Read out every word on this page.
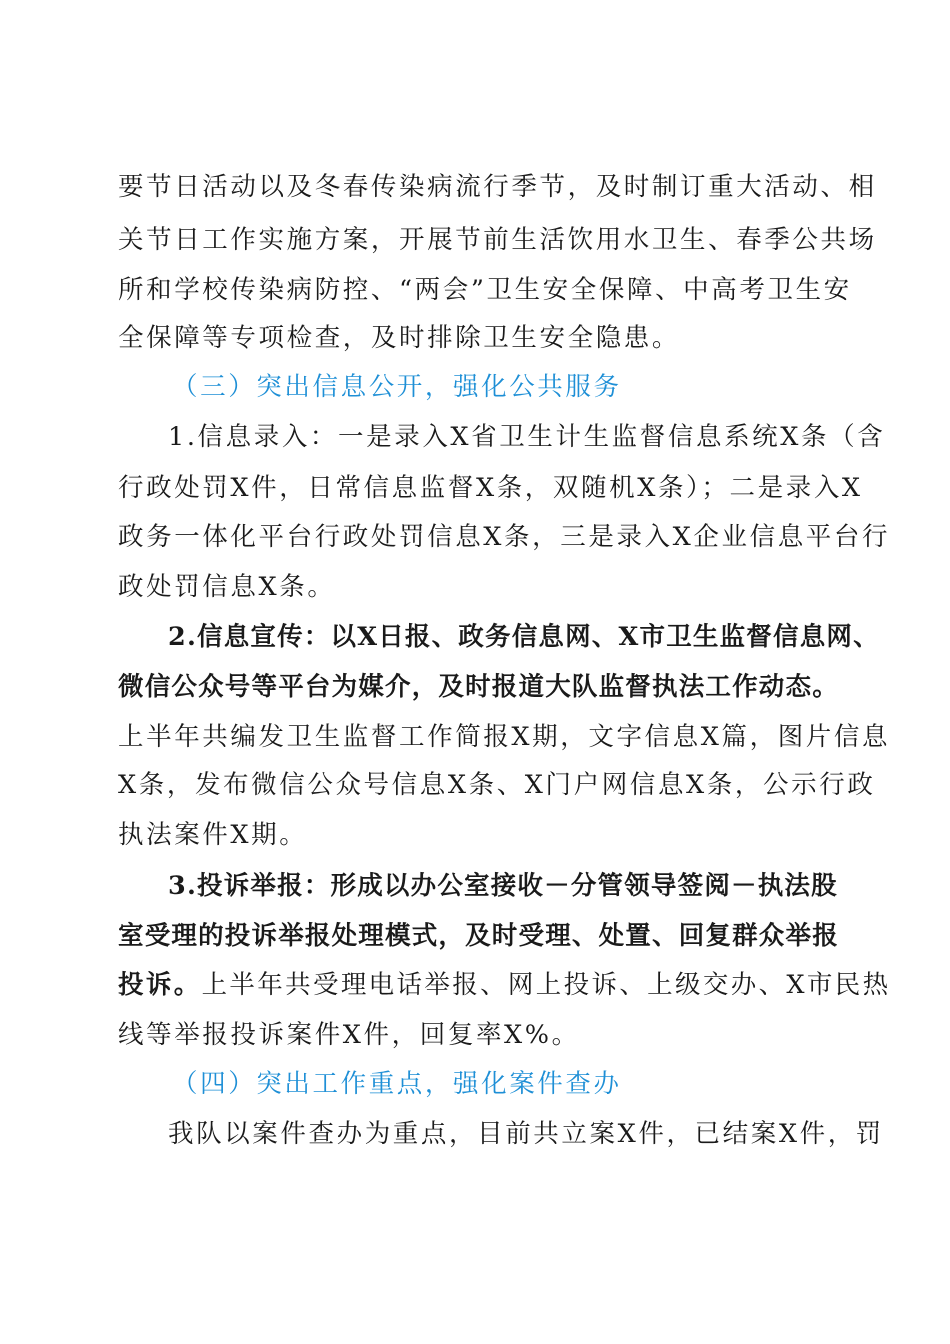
要节日活动以及冬春传染病流行季节，及时制订重大活动、相

关节日工作实施方案，开展节前生活饮用水卫生、春季公共场

所和学校传染病防控、“两会”卫生安全保障、中高考卫生安

全保障等专项检查，及时排除卫生安全隐患。

（三）突出信息公开，强化公共服务

1.信息录入：一是录入X省卫生计生监督信息系统X条（含

行政处罚X件，日常信息监督X条，双随机X条）；二是录入X

政务一体化平台行政处罚信息X条，三是录入X企业信息平台行

政处罚信息X条。

2.信息宣传：以X日报、政务信息网、X市卫生监督信息网、

微信公众号等平台为媒介，及时报道大队监督执法工作动态。

上半年共编发卫生监督工作简报X期，文字信息X篇，图片信息

X条，发布微信公众号信息X条、X门户网信息X条，公示行政

执法案件X期。

3.投诉举报：形成以办公室接收－分管领导签阅－执法股

室受理的投诉举报处理模式，及时受理、处置、回复群众举报

投诉。上半年共受理电话举报、网上投诉、上级交办、X市民热

线等举报投诉案件X件，回复率X%。

（四）突出工作重点，强化案件查办

我队以案件查办为重点，目前共立案X件，已结案X件，罚
